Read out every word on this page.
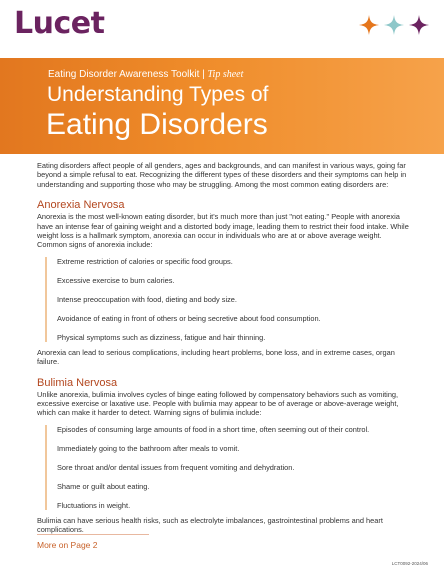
Lucet
Eating Disorder Awareness Toolkit | Tip sheet
Understanding Types of
Eating Disorders

Eating disorders affect people of all genders, ages and backgrounds, and can manifest in various ways, going far beyond a simple refusal to eat. Recognizing the different types of these disorders and their symptoms can help in understanding and supporting those who may be struggling. Among the most common eating disorders are:

Anorexia Nervosa

Anorexia is the most well-known eating disorder, but it's much more than just "not eating." People with anorexia have an intense fear of gaining weight and a distorted body image, leading them to restrict their food intake. While weight loss is a hallmark symptom, anorexia can occur in individuals who are at or above average weight. Common signs of anorexia include:

Extreme restriction of calories or specific food groups.

Excessive exercise to burn calories.

Intense preoccupation with food, dieting and body size.

Avoidance of eating in front of others or being secretive about food consumption.

Physical symptoms such as dizziness, fatigue and hair thinning.

Anorexia can lead to serious complications, including heart problems, bone loss, and in extreme cases, organ failure.

Bulimia Nervosa

Unlike anorexia, bulimia involves cycles of binge eating followed by compensatory behaviors such as vomiting, excessive exercise or laxative use. People with bulimia may appear to be of average or above-average weight, which can make it harder to detect. Warning signs of bulimia include:

Episodes of consuming large amounts of food in a short time, often seeming out of their control.

Immediately going to the bathroom after meals to vomit.

Sore throat and/or dental issues from frequent vomiting and dehydration.

Shame or guilt about eating.

Fluctuations in weight.

Bulimia can have serious health risks, such as electrolyte imbalances, gastrointestinal problems and heart complications.

More on Page 2
LCT0092-2024/06
